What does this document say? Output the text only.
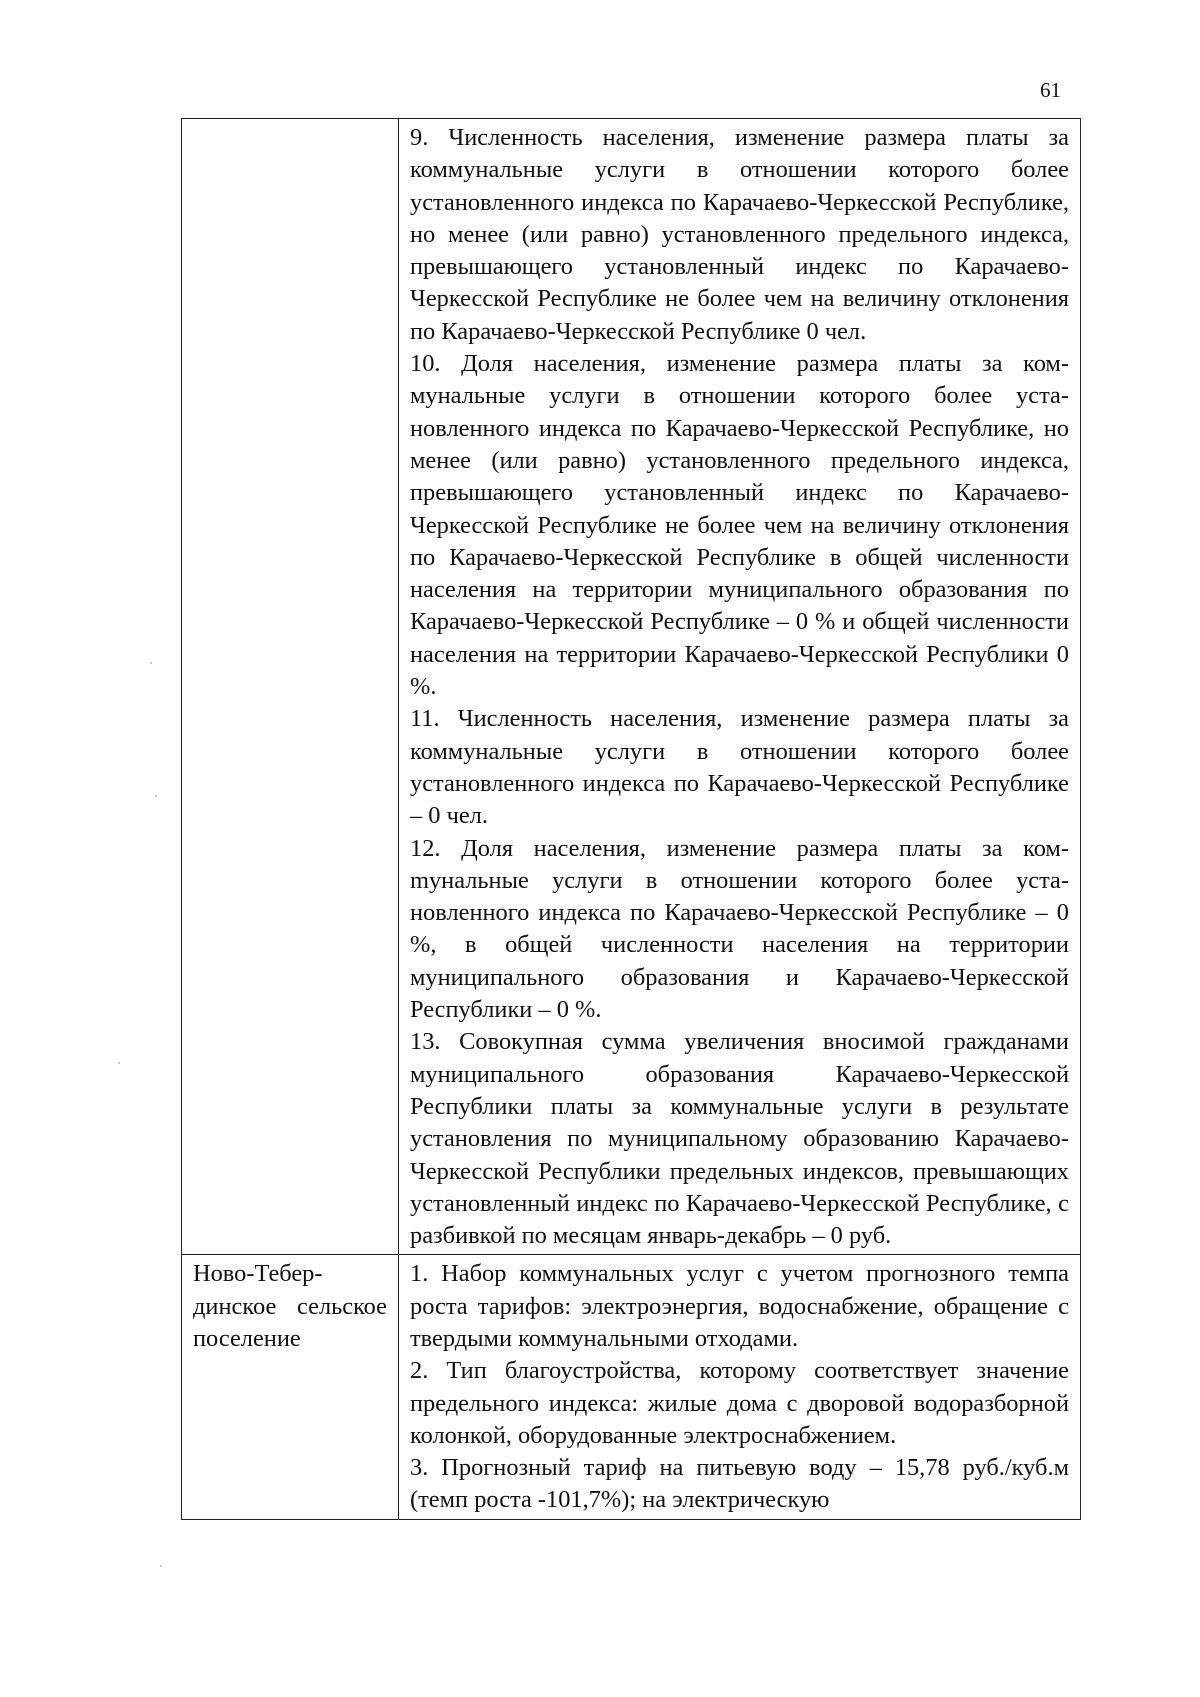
61

	9. Численность населения, изменение размера платы за коммунальные услуги в отношении которого более установленного индекса по Карачаево-Черкесской Республике, но менее (или равно) установленного предельного индекса, превышающего установленный индекс по Карачаево-Черкесской Республике не более чем на величину отклонения по Карачаево-Черкесской Республике 0 чел.

10. Доля населения, изменение размера платы за коммунальные услуги в отношении которого более установленного индекса по Карачаево-Черкесской Республике, но менее (или равно) установленного предельного индекса, превышающего установленный индекс по Карачаево-Черкесской Республике не более чем на величину отклонения по Карачаево-Черкесской Республике в общей численности населения на территории муниципального образования по Карачаево-Черкесской Республике – 0 % и общей численности населения на территории Карачаево-Черкесской Республики 0 %.

11. Численность населения, изменение размера платы за коммунальные услуги в отношении которого более установленного индекса по Карачаево-Черкесской Республике – 0 чел.

12. Доля населения, изменение размера платы за комmунальные услуги в отношении которого более установленного индекса по Карачаево-Черкесской Республике – 0 %, в общей численности населения на территории муниципального образования и Карачаево-Черкесской Республики – 0 %.

13. Совокупная сумма увеличения вносимой гражданами муниципального образования Карачаево-Черкесской Республики платы за коммунальные услуги в результате установления по муниципальному образованию Карачаево-Черкесской Республики предельных индексов, превышающих установленный индекс по Карачаево-Черкесской Республике, с разбивкой по месяцам январь-декабрь – 0 руб.

Ново-Тебердинское сельское поселение	1. Набор коммунальных услуг с учетом прогнозного темпа роста тарифов: электроэнергия, водоснабжение, обращение с твердыми коммунальными отходами.

2. Тип благоустройства, которому соответствует значение предельного индекса: жилые дома с дворовой водоразборной колонкой, оборудованные электроснабжением.

3. Прогнозный тариф на питьевую воду – 15,78 руб./куб.м (темп роста -101,7%); на электрическую
